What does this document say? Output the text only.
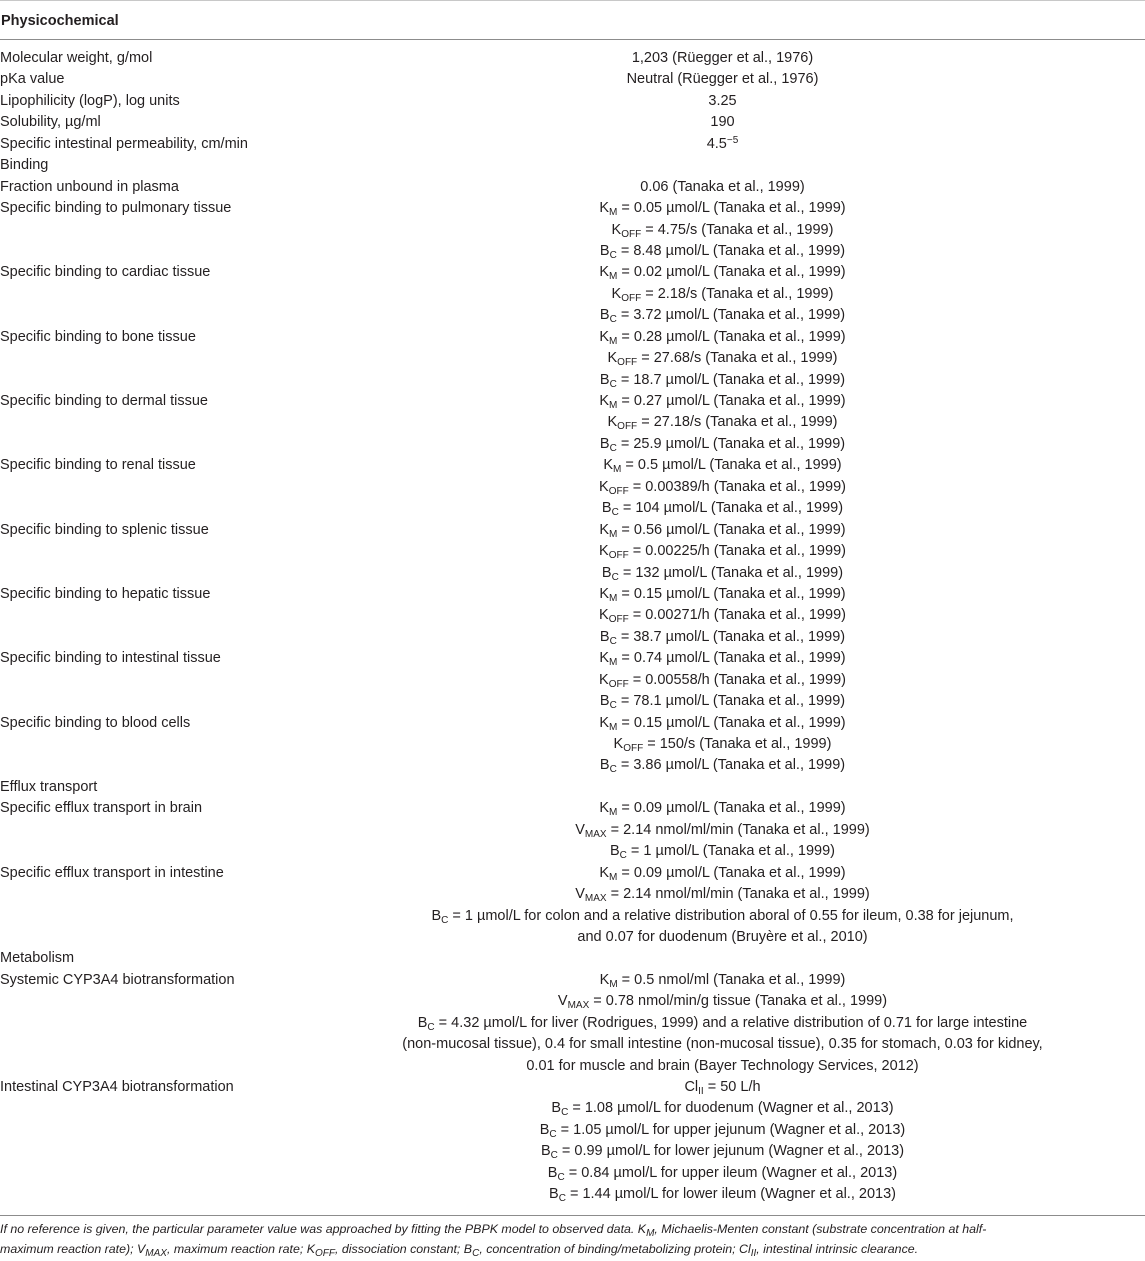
Physicochemical
Molecular weight, g/mol	1,203 (Rüegger et al., 1976)
pKa value	Neutral (Rüegger et al., 1976)
Lipophilicity (logP), log units	3.25
Solubility, µg/ml	190
Specific intestinal permeability, cm/min	$4.5^{-5}$
Binding
Fraction unbound in plasma	0.06 (Tanaka et al., 1999)
Specific binding to pulmonary tissue	$K_M = 0.05$ µmol/L (Tanaka et al., 1999)
$K_{OFF} = 4.75/s$ (Tanaka et al., 1999)
$B_C = 8.48$ µmol/L (Tanaka et al., 1999)
Specific binding to cardiac tissue	$K_M = 0.02$ µmol/L (Tanaka et al., 1999)
$K_{OFF} = 2.18/s$ (Tanaka et al., 1999)
$B_C = 3.72$ µmol/L (Tanaka et al., 1999)
Specific binding to bone tissue	$K_M = 0.28$ µmol/L (Tanaka et al., 1999)
$K_{OFF} = 27.68/s$ (Tanaka et al., 1999)
$B_C = 18.7$ µmol/L (Tanaka et al., 1999)
Specific binding to dermal tissue	$K_M = 0.27$ µmol/L (Tanaka et al., 1999)
$K_{OFF} = 27.18/s$ (Tanaka et al., 1999)
$B_C = 25.9$ µmol/L (Tanaka et al., 1999)
Specific binding to renal tissue	$K_M = 0.5$ µmol/L (Tanaka et al., 1999)
$K_{OFF} = 0.00389/h$ (Tanaka et al., 1999)
$B_C = 104$ µmol/L (Tanaka et al., 1999)
Specific binding to splenic tissue	$K_M = 0.56$ µmol/L (Tanaka et al., 1999)
$K_{OFF} = 0.00225/h$ (Tanaka et al., 1999)
$B_C = 132$ µmol/L (Tanaka et al., 1999)
Specific binding to hepatic tissue	$K_M = 0.15$ µmol/L (Tanaka et al., 1999)
$K_{OFF} = 0.00271/h$ (Tanaka et al., 1999)
$B_C = 38.7$ µmol/L (Tanaka et al., 1999)
Specific binding to intestinal tissue	$K_M = 0.74$ µmol/L (Tanaka et al., 1999)
$K_{OFF} = 0.00558/h$ (Tanaka et al., 1999)
$B_C = 78.1$ µmol/L (Tanaka et al., 1999)
Specific binding to blood cells	$K_M = 0.15$ µmol/L (Tanaka et al., 1999)
$K_{OFF} = 150/s$ (Tanaka et al., 1999)
$B_C = 3.86$ µmol/L (Tanaka et al., 1999)
Efflux transport
Specific efflux transport in brain	$K_M = 0.09$ µmol/L (Tanaka et al., 1999)
$V_{MAX} = 2.14$ nmol/ml/min (Tanaka et al., 1999)
$B_C = 1$ µmol/L (Tanaka et al., 1999)
Specific efflux transport in intestine	$K_M = 0.09$ µmol/L (Tanaka et al., 1999)
$V_{MAX} = 2.14$ nmol/ml/min (Tanaka et al., 1999)
$B_C = 1$ µmol/L for colon and a relative distribution aboral of 0.55 for ileum, 0.38 for jejunum,
and 0.07 for duodenum (Bruyère et al., 2010)
Metabolism
Systemic CYP3A4 biotransformation	$K_M = 0.5$ nmol/ml (Tanaka et al., 1999)
$V_{MAX} = 0.78$ nmol/min/g tissue (Tanaka et al., 1999)
$B_C = 4.32$ µmol/L for liver (Rodrigues, 1999) and a relative distribution of 0.71 for large intestine
(non-mucosal tissue), 0.4 for small intestine (non-mucosal tissue), 0.35 for stomach, 0.03 for kidney,
0.01 for muscle and brain (Bayer Technology Services, 2012)
Intestinal CYP3A4 biotransformation	$Cl_{II} = 50$ L/h
$B_C = 1.08$ µmol/L for duodenum (Wagner et al., 2013)
$B_C = 1.05$ µmol/L for upper jejunum (Wagner et al., 2013)
$B_C = 0.99$ µmol/L for lower jejunum (Wagner et al., 2013)
$B_C = 0.84$ µmol/L for upper ileum (Wagner et al., 2013)
$B_C = 1.44$ µmol/L for lower ileum (Wagner et al., 2013)
If no reference is given, the particular parameter value was approached by fitting the PBPK model to observed data. $K_M$, Michaelis-Menten constant (substrate concentration at half-
maximum reaction rate); $V_{MAX}$, maximum reaction rate; $K_{OFF}$, dissociation constant; $B_C$, concentration of binding/metabolizing protein; $Cl_{II}$, intestinal intrinsic clearance.
